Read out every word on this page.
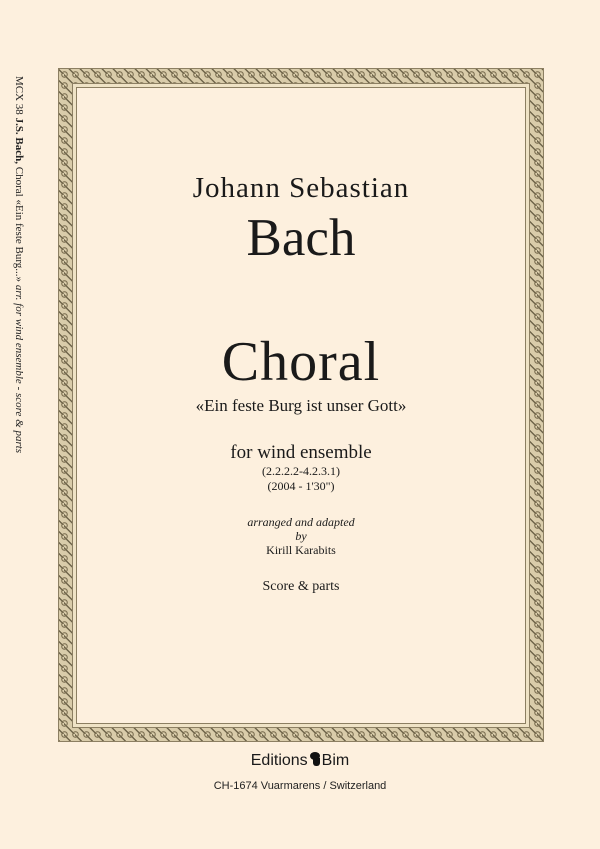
MCX 38 J.S. Bach, Choral «Ein feste Burg...» arr. for wind ensemble - score & parts
Johann Sebastian
Bach
Choral
«Ein feste Burg ist unser Gott»
for wind ensemble
(2.2.2.2-4.2.3.1)
(2004 - 1'30")
arranged and adapted
by
Kirill Karabits
Score & parts
Editions Bim
CH-1674 Vuarmarens / Switzerland
